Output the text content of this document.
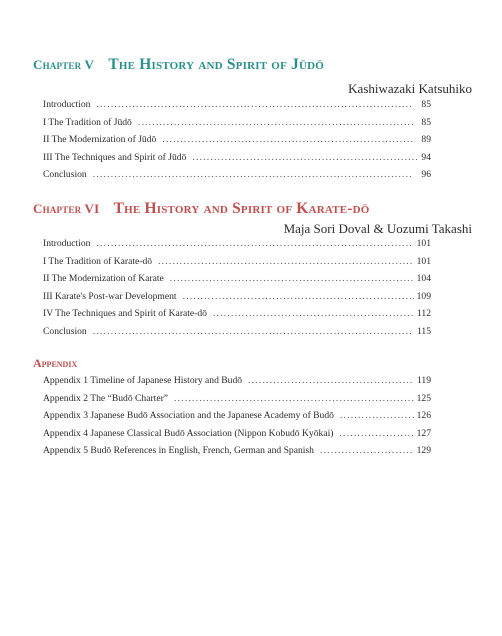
Chapter V The History and Spirit of Jūdō
Kashiwazaki Katsuhiko
Introduction . . .	85
I The Tradition of Jūdō . . .	85
II The Modernization of Jūdō . . .	89
III The Techniques and Spirit of Jūdō . . .	94
Conclusion . . .	96
Chapter VI The History and Spirit of Karate-dō
Maja Sori Doval & Uozumi Takashi
Introduction . . .	101
I The Tradition of Karate-dō . . .	101
II The Modernization of Karate . . .	104
III Karate's Post-war Development . . .	109
IV The Techniques and Spirit of Karate-dō . . .	112
Conclusion . . .	115
Appendix
Appendix 1 Timeline of Japanese History and Budō . . .	119
Appendix 2 The “Budō Charter” . . .	125
Appendix 3 Japanese Budō Association and the Japanese Academy of Budō . . .	126
Appendix 4 Japanese Classical Budō Association (Nippon Kobudō Kyōkai) . . .	127
Appendix 5 Budō References in English, French, German and Spanish . . .	129
